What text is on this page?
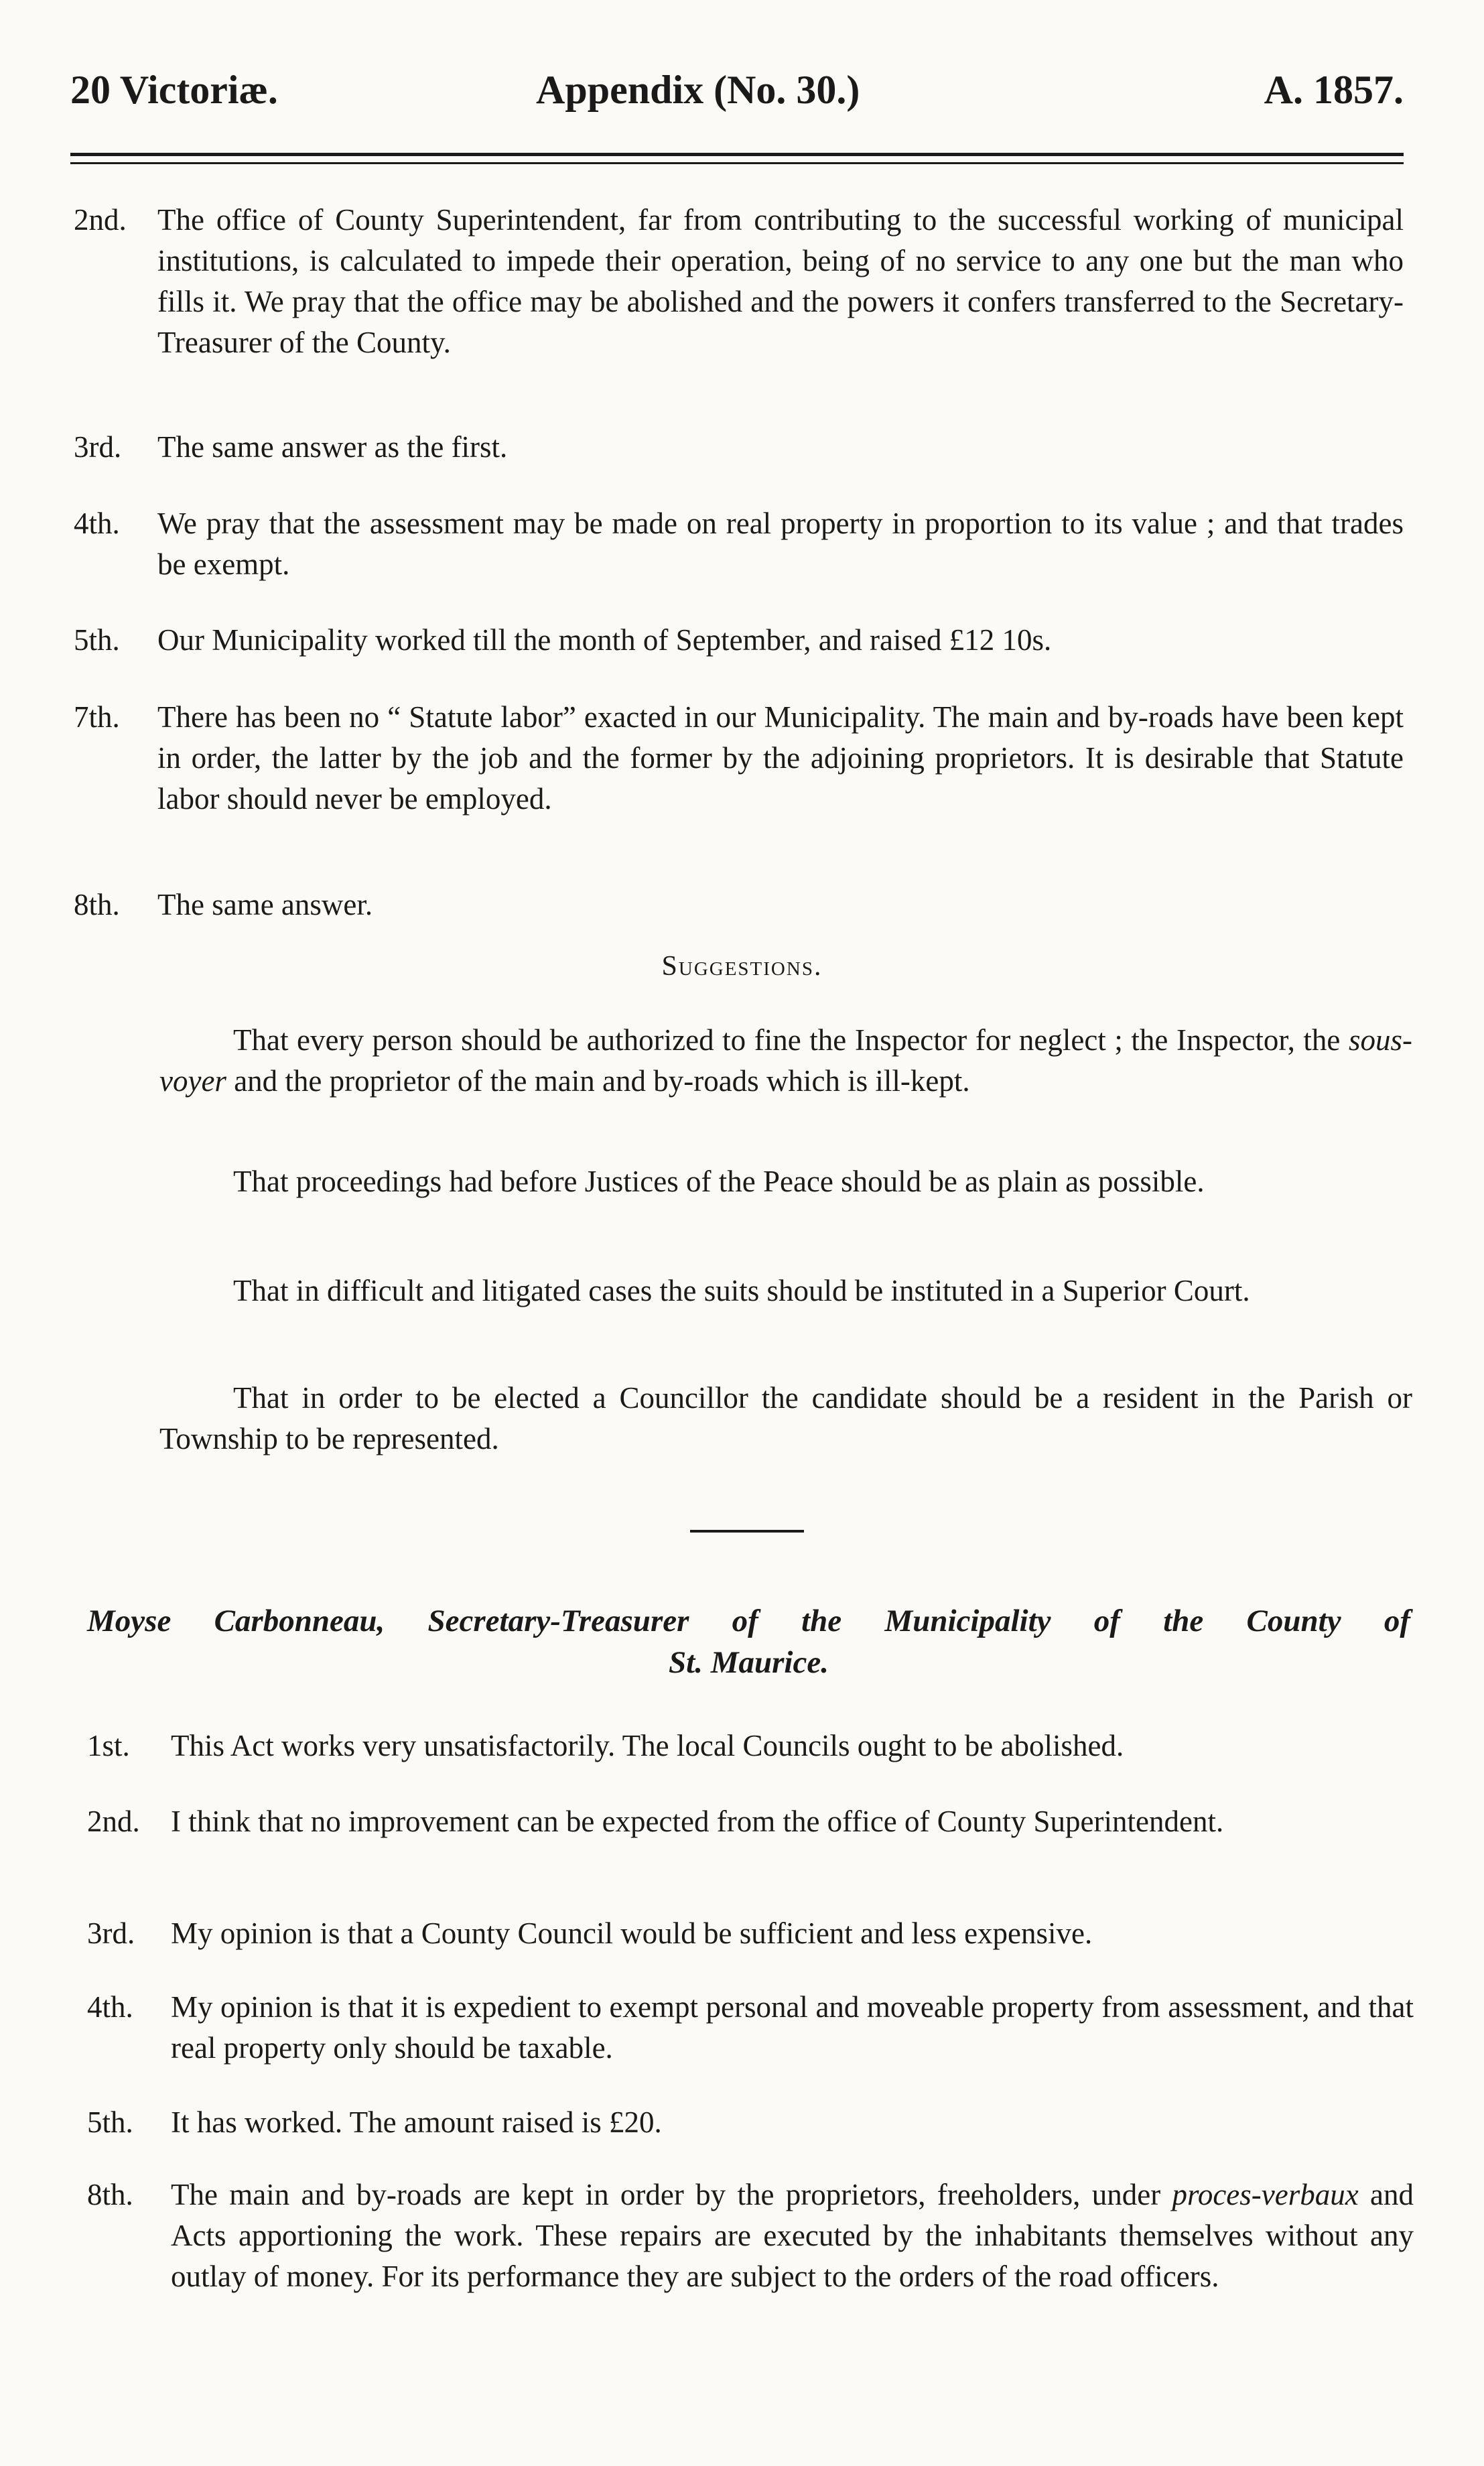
20 Victoriæ.	Appendix (No. 30.)	A. 1857.
2nd. The office of County Superintendent, far from contributing to the successful working of municipal institutions, is calculated to impede their operation, being of no service to any one but the man who fills it. We pray that the office may be abolished and the powers it confers transferred to the Secretary-Treasurer of the County.
3rd. The same answer as the first.
4th. We pray that the assessment may be made on real property in proportion to its value ; and that trades be exempt.
5th. Our Municipality worked till the month of September, and raised £12 10s.
7th. There has been no “ Statute labor” exacted in our Municipality. The main and by-roads have been kept in order, the latter by the job and the former by the adjoining proprietors. It is desirable that Statute labor should never be employed.
8th. The same answer.
Suggestions.
That every person should be authorized to fine the Inspector for neglect ; the Inspector, the sous-voyer and the proprietor of the main and by-roads which is ill-kept.
That proceedings had before Justices of the Peace should be as plain as possible.
That in difficult and litigated cases the suits should be instituted in a Superior Court.
That in order to be elected a Councillor the candidate should be a resident in the Parish or Township to be represented.
Moyse Carbonneau, Secretary-Treasurer of the Municipality of the County of
St. Maurice.
1st. This Act works very unsatisfactorily. The local Councils ought to be abolished.
2nd. I think that no improvement can be expected from the office of County Superintendent.
3rd. My opinion is that a County Council would be sufficient and less expensive.
4th. My opinion is that it is expedient to exempt personal and moveable property from assessment, and that real property only should be taxable.
5th. It has worked. The amount raised is £20.
8th. The main and by-roads are kept in order by the proprietors, freeholders, under proces-verbaux and Acts apportioning the work. These repairs are executed by the inhabitants themselves without any outlay of money. For its performance they are subject to the orders of the road officers.
